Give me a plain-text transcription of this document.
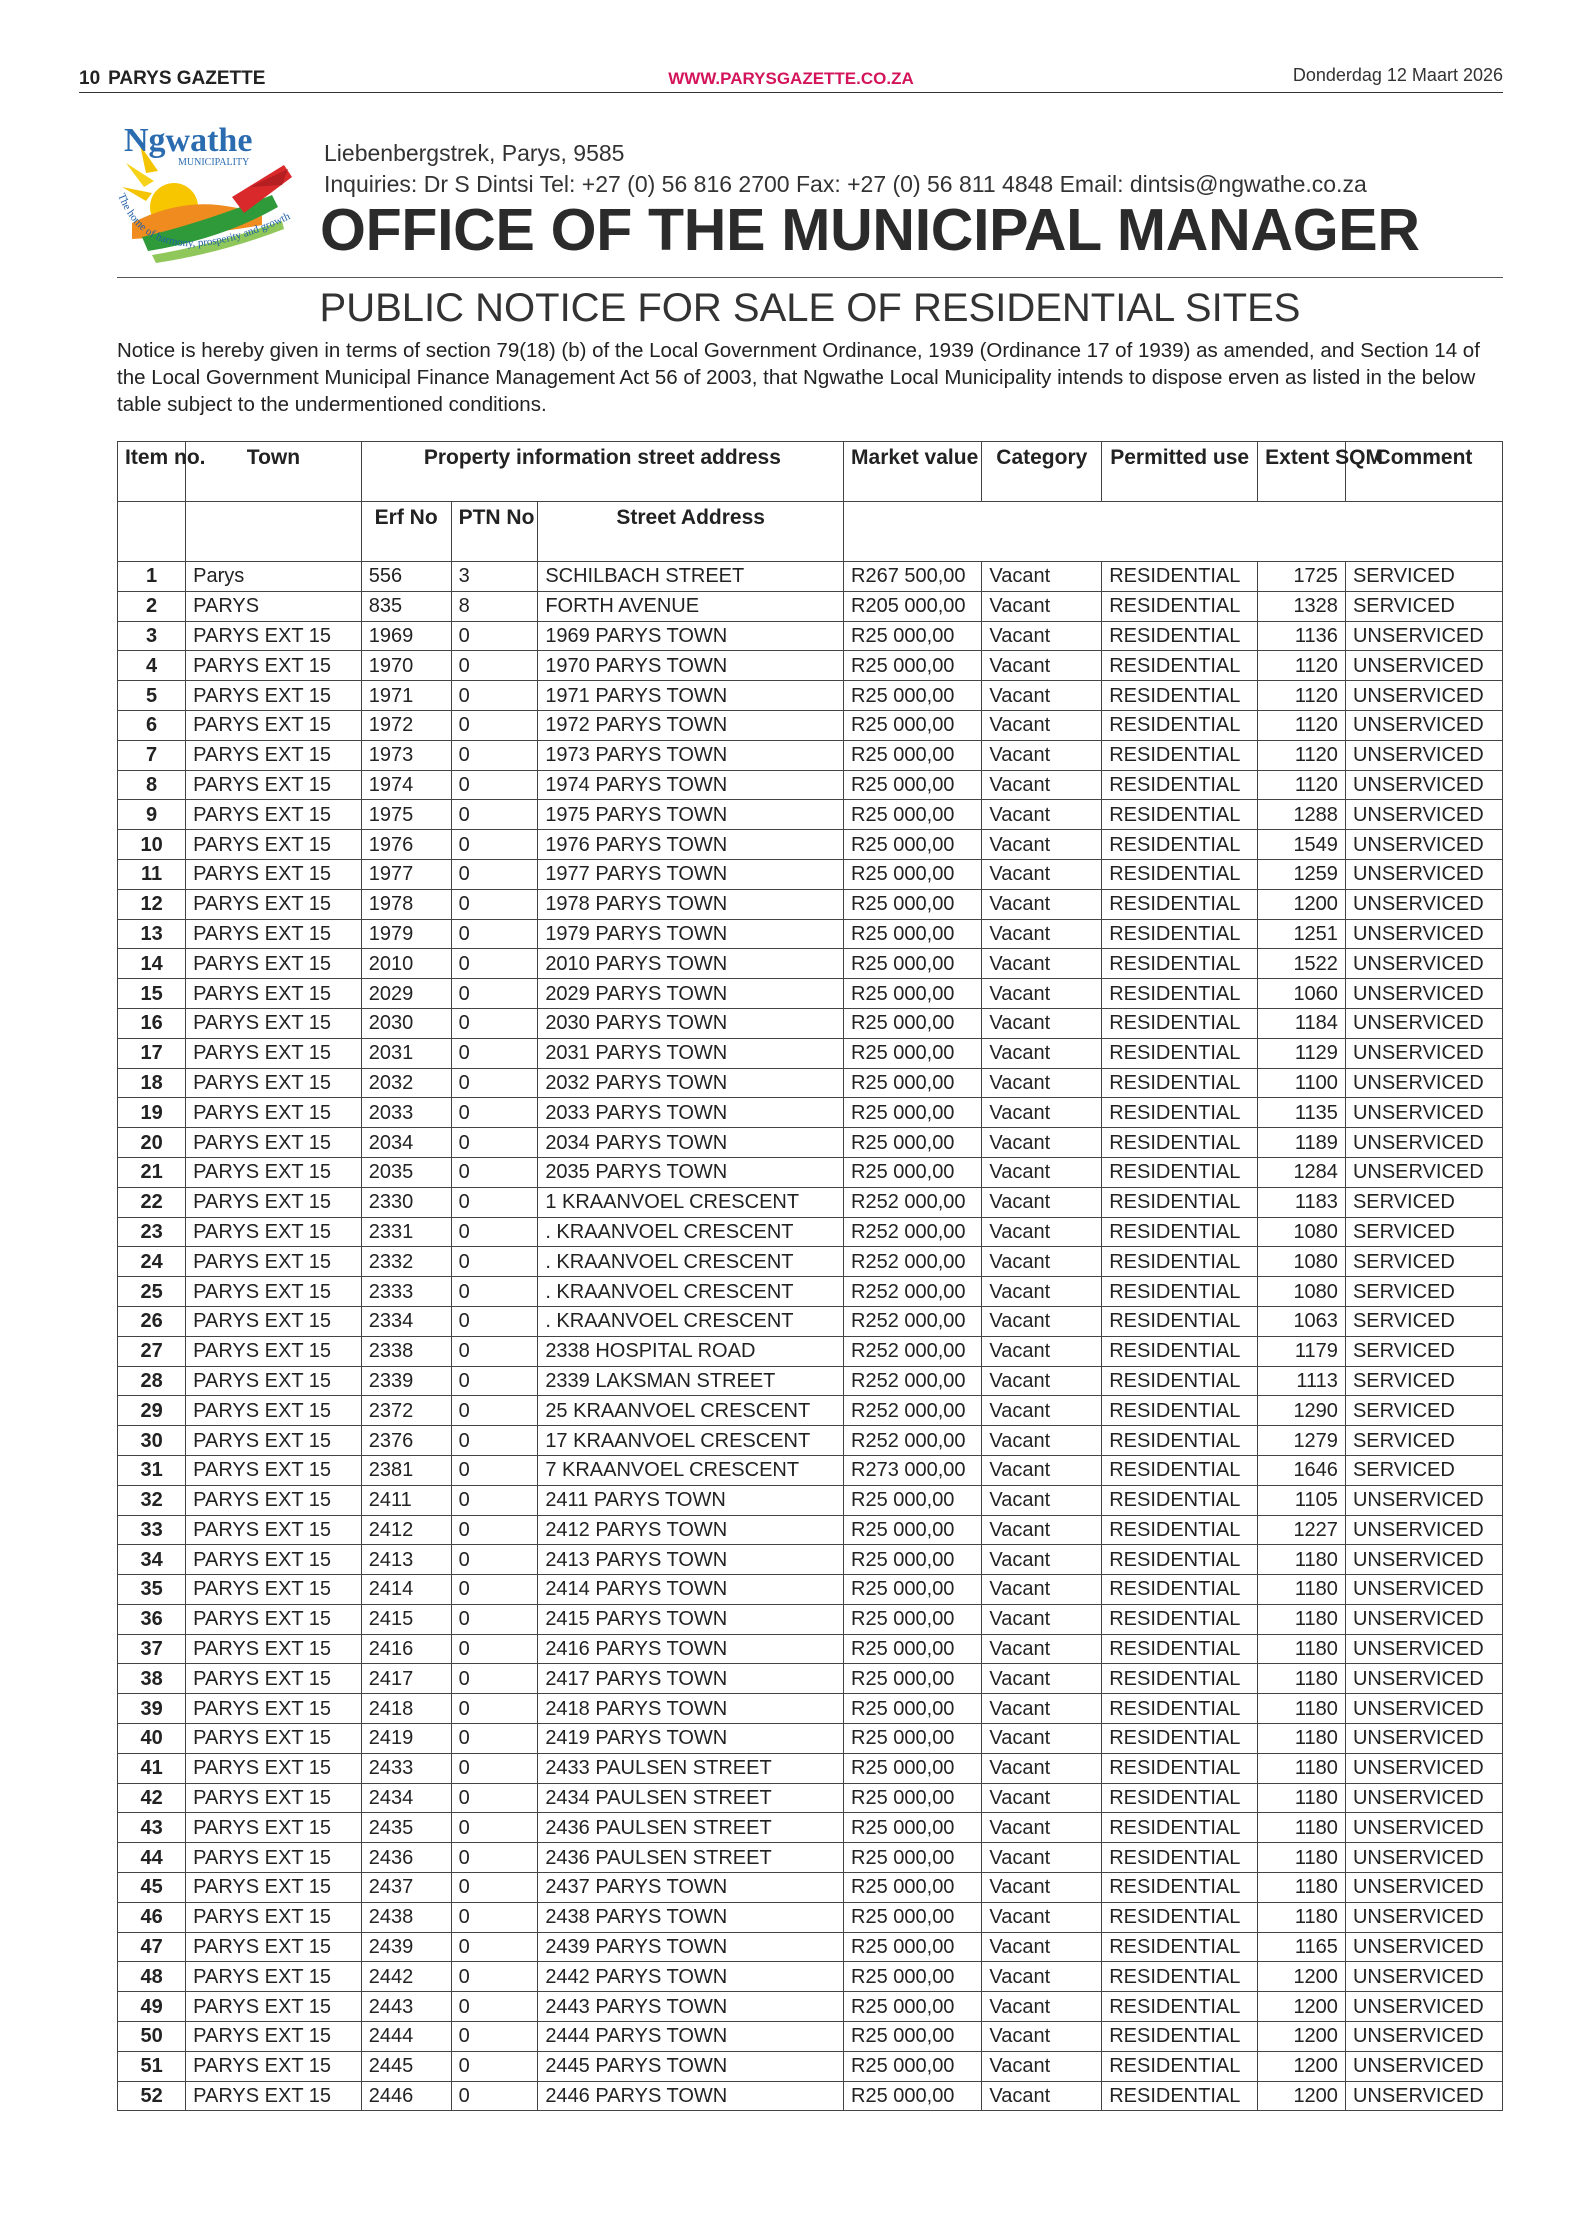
10 PARYS GAZETTE	WWW.PARYSGAZETTE.CO.ZA	Donderdag 12 Maart 2026
Ngwathe
MUNICIPALITY
The home of harmony, prosperity and growth
Liebenbergstrek, Parys, 9585
Inquiries: Dr S Dintsi Tel: +27 (0) 56 816 2700 Fax: +27 (0) 56 811 4848 Email: dintsis@ngwathe.co.za
OFFICE OF THE MUNICIPAL MANAGER
PUBLIC NOTICE FOR SALE OF RESIDENTIAL SITES
Notice is hereby given in terms of section 79(18) (b) of the Local Government Ordinance, 1939 (Ordinance 17 of 1939) as amended, and Section 14 of the Local Government Municipal Finance Management Act 56 of 2003, that Ngwathe Local Municipality intends to dispose erven as listed in the below table subject to the undermentioned conditions.
Item no.	Town	Property information street address			Market value	Category	Permitted use	Extent SQM	Comment
		Erf No	PTN No	Street Address					
1	Parys	556	3	SCHILBACH STREET	R267 500,00	Vacant	RESIDENTIAL	1725	SERVICED
2	PARYS	835	8	FORTH AVENUE	R205 000,00	Vacant	RESIDENTIAL	1328	SERVICED
3	PARYS EXT 15	1969	0	1969 PARYS TOWN	R25 000,00	Vacant	RESIDENTIAL	1136	UNSERVICED
4	PARYS EXT 15	1970	0	1970 PARYS TOWN	R25 000,00	Vacant	RESIDENTIAL	1120	UNSERVICED
5	PARYS EXT 15	1971	0	1971 PARYS TOWN	R25 000,00	Vacant	RESIDENTIAL	1120	UNSERVICED
6	PARYS EXT 15	1972	0	1972 PARYS TOWN	R25 000,00	Vacant	RESIDENTIAL	1120	UNSERVICED
7	PARYS EXT 15	1973	0	1973 PARYS TOWN	R25 000,00	Vacant	RESIDENTIAL	1120	UNSERVICED
8	PARYS EXT 15	1974	0	1974 PARYS TOWN	R25 000,00	Vacant	RESIDENTIAL	1120	UNSERVICED
9	PARYS EXT 15	1975	0	1975 PARYS TOWN	R25 000,00	Vacant	RESIDENTIAL	1288	UNSERVICED
10	PARYS EXT 15	1976	0	1976 PARYS TOWN	R25 000,00	Vacant	RESIDENTIAL	1549	UNSERVICED
11	PARYS EXT 15	1977	0	1977 PARYS TOWN	R25 000,00	Vacant	RESIDENTIAL	1259	UNSERVICED
12	PARYS EXT 15	1978	0	1978 PARYS TOWN	R25 000,00	Vacant	RESIDENTIAL	1200	UNSERVICED
13	PARYS EXT 15	1979	0	1979 PARYS TOWN	R25 000,00	Vacant	RESIDENTIAL	1251	UNSERVICED
14	PARYS EXT 15	2010	0	2010 PARYS TOWN	R25 000,00	Vacant	RESIDENTIAL	1522	UNSERVICED
15	PARYS EXT 15	2029	0	2029 PARYS TOWN	R25 000,00	Vacant	RESIDENTIAL	1060	UNSERVICED
16	PARYS EXT 15	2030	0	2030 PARYS TOWN	R25 000,00	Vacant	RESIDENTIAL	1184	UNSERVICED
17	PARYS EXT 15	2031	0	2031 PARYS TOWN	R25 000,00	Vacant	RESIDENTIAL	1129	UNSERVICED
18	PARYS EXT 15	2032	0	2032 PARYS TOWN	R25 000,00	Vacant	RESIDENTIAL	1100	UNSERVICED
19	PARYS EXT 15	2033	0	2033 PARYS TOWN	R25 000,00	Vacant	RESIDENTIAL	1135	UNSERVICED
20	PARYS EXT 15	2034	0	2034 PARYS TOWN	R25 000,00	Vacant	RESIDENTIAL	1189	UNSERVICED
21	PARYS EXT 15	2035	0	2035 PARYS TOWN	R25 000,00	Vacant	RESIDENTIAL	1284	UNSERVICED
22	PARYS EXT 15	2330	0	1 KRAANVOEL CRESCENT	R252 000,00	Vacant	RESIDENTIAL	1183	SERVICED
23	PARYS EXT 15	2331	0	. KRAANVOEL CRESCENT	R252 000,00	Vacant	RESIDENTIAL	1080	SERVICED
24	PARYS EXT 15	2332	0	. KRAANVOEL CRESCENT	R252 000,00	Vacant	RESIDENTIAL	1080	SERVICED
25	PARYS EXT 15	2333	0	. KRAANVOEL CRESCENT	R252 000,00	Vacant	RESIDENTIAL	1080	SERVICED
26	PARYS EXT 15	2334	0	. KRAANVOEL CRESCENT	R252 000,00	Vacant	RESIDENTIAL	1063	SERVICED
27	PARYS EXT 15	2338	0	2338 HOSPITAL ROAD	R252 000,00	Vacant	RESIDENTIAL	1179	SERVICED
28	PARYS EXT 15	2339	0	2339 LAKSMAN STREET	R252 000,00	Vacant	RESIDENTIAL	1113	SERVICED
29	PARYS EXT 15	2372	0	25 KRAANVOEL CRESCENT	R252 000,00	Vacant	RESIDENTIAL	1290	SERVICED
30	PARYS EXT 15	2376	0	17 KRAANVOEL CRESCENT	R252 000,00	Vacant	RESIDENTIAL	1279	SERVICED
31	PARYS EXT 15	2381	0	7 KRAANVOEL CRESCENT	R273 000,00	Vacant	RESIDENTIAL	1646	SERVICED
32	PARYS EXT 15	2411	0	2411 PARYS TOWN	R25 000,00	Vacant	RESIDENTIAL	1105	UNSERVICED
33	PARYS EXT 15	2412	0	2412 PARYS TOWN	R25 000,00	Vacant	RESIDENTIAL	1227	UNSERVICED
34	PARYS EXT 15	2413	0	2413 PARYS TOWN	R25 000,00	Vacant	RESIDENTIAL	1180	UNSERVICED
35	PARYS EXT 15	2414	0	2414 PARYS TOWN	R25 000,00	Vacant	RESIDENTIAL	1180	UNSERVICED
36	PARYS EXT 15	2415	0	2415 PARYS TOWN	R25 000,00	Vacant	RESIDENTIAL	1180	UNSERVICED
37	PARYS EXT 15	2416	0	2416 PARYS TOWN	R25 000,00	Vacant	RESIDENTIAL	1180	UNSERVICED
38	PARYS EXT 15	2417	0	2417 PARYS TOWN	R25 000,00	Vacant	RESIDENTIAL	1180	UNSERVICED
39	PARYS EXT 15	2418	0	2418 PARYS TOWN	R25 000,00	Vacant	RESIDENTIAL	1180	UNSERVICED
40	PARYS EXT 15	2419	0	2419 PARYS TOWN	R25 000,00	Vacant	RESIDENTIAL	1180	UNSERVICED
41	PARYS EXT 15	2433	0	2433 PAULSEN STREET	R25 000,00	Vacant	RESIDENTIAL	1180	UNSERVICED
42	PARYS EXT 15	2434	0	2434 PAULSEN STREET	R25 000,00	Vacant	RESIDENTIAL	1180	UNSERVICED
43	PARYS EXT 15	2435	0	2436 PAULSEN STREET	R25 000,00	Vacant	RESIDENTIAL	1180	UNSERVICED
44	PARYS EXT 15	2436	0	2436 PAULSEN STREET	R25 000,00	Vacant	RESIDENTIAL	1180	UNSERVICED
45	PARYS EXT 15	2437	0	2437 PARYS TOWN	R25 000,00	Vacant	RESIDENTIAL	1180	UNSERVICED
46	PARYS EXT 15	2438	0	2438 PARYS TOWN	R25 000,00	Vacant	RESIDENTIAL	1180	UNSERVICED
47	PARYS EXT 15	2439	0	2439 PARYS TOWN	R25 000,00	Vacant	RESIDENTIAL	1165	UNSERVICED
48	PARYS EXT 15	2442	0	2442 PARYS TOWN	R25 000,00	Vacant	RESIDENTIAL	1200	UNSERVICED
49	PARYS EXT 15	2443	0	2443 PARYS TOWN	R25 000,00	Vacant	RESIDENTIAL	1200	UNSERVICED
50	PARYS EXT 15	2444	0	2444 PARYS TOWN	R25 000,00	Vacant	RESIDENTIAL	1200	UNSERVICED
51	PARYS EXT 15	2445	0	2445 PARYS TOWN	R25 000,00	Vacant	RESIDENTIAL	1200	UNSERVICED
52	PARYS EXT 15	2446	0	2446 PARYS TOWN	R25 000,00	Vacant	RESIDENTIAL	1200	UNSERVICED
